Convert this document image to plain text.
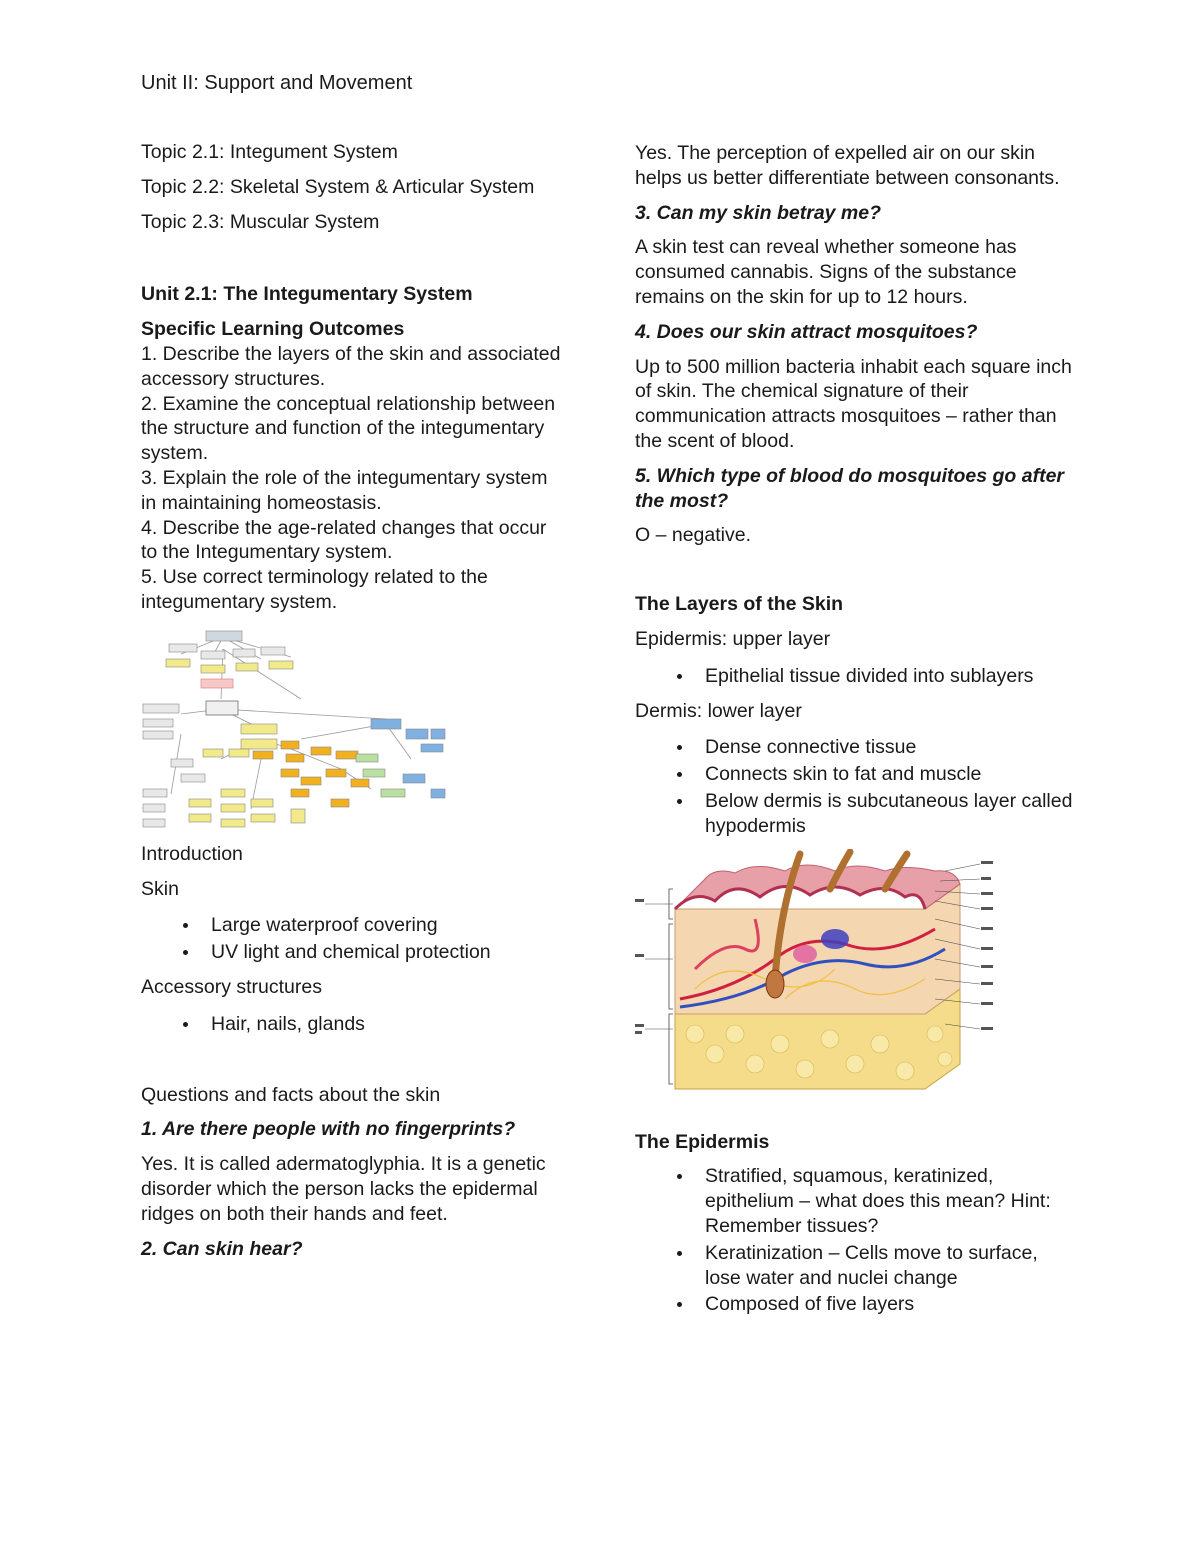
Unit II: Support and Movement

Topic 2.1: Integument System

Topic 2.2: Skeletal System & Articular System

Topic 2.3: Muscular System

Unit 2.1: The Integumentary System

Specific Learning Outcomes

1. Describe the layers of the skin and associated accessory structures.

2. Examine the conceptual relationship between the structure and function of the integumentary system.

3. Explain the role of the integumentary system in maintaining homeostasis.

4. Describe the age-related changes that occur to the Integumentary system.

5. Use correct terminology related to the integumentary system.

Introduction

Skin

Large waterproof covering
UV light and chemical protection

Accessory structures

Hair, nails, glands

Questions and facts about the skin

1. Are there people with no fingerprints?

Yes. It is called adermatoglyphia. It is a genetic disorder which the person lacks the epidermal ridges on both their hands and feet.

2. Can skin hear?

Yes. The perception of expelled air on our skin helps us better differentiate between consonants.

3. Can my skin betray me?

A skin test can reveal whether someone has consumed cannabis. Signs of the substance remains on the skin for up to 12 hours.

4. Does our skin attract mosquitoes?

Up to 500 million bacteria inhabit each square inch of skin. The chemical signature of their communication attracts mosquitoes – rather than the scent of blood.

5. Which type of blood do mosquitoes go after the most?

O – negative.

The Layers of the Skin

Epidermis: upper layer

Epithelial tissue divided into sublayers

Dermis: lower layer

Dense connective tissue
Connects skin to fat and muscle
Below dermis is subcutaneous layer called hypodermis

The Epidermis

Stratified, squamous, keratinized, epithelium – what does this mean? Hint: Remember tissues?
Keratinization – Cells move to surface, lose water and nuclei change
Composed of five layers
